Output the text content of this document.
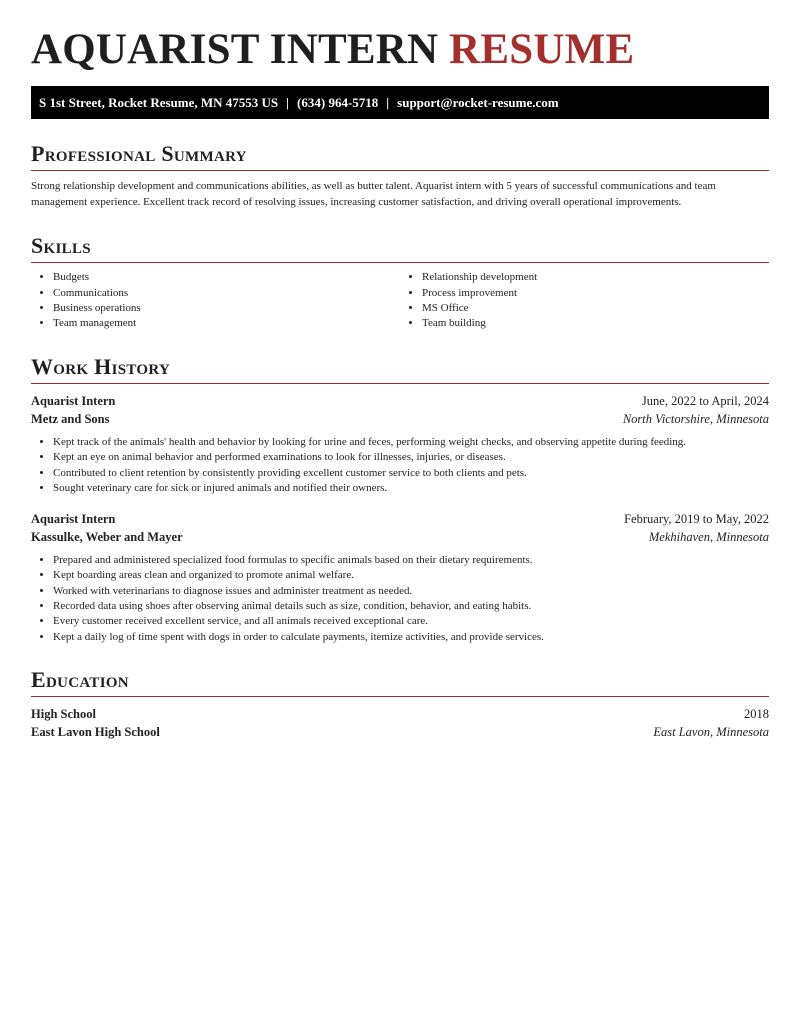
AQUARIST INTERN RESUME
S 1st Street, Rocket Resume, MN 47553 US | (634) 964-5718 | support@rocket-resume.com
Professional Summary

Strong relationship development and communications abilities, as well as butter talent. Aquarist intern with 5 years of successful communications and team management experience. Excellent track record of resolving issues, increasing customer satisfaction, and driving overall operational improvements.

Skills
• Budgets
• Communications
• Business operations
• Team management
• Relationship development
• Process improvement
• MS Office
• Team building
Work History
Aquarist Intern	June, 2022 to April, 2024
Metz and Sons	North Victorshire, Minnesota
• Kept track of the animals' health and behavior by looking for urine and feces, performing weight checks, and observing appetite during feeding.
• Kept an eye on animal behavior and performed examinations to look for illnesses, injuries, or diseases.
• Contributed to client retention by consistently providing excellent customer service to both clients and pets.
• Sought veterinary care for sick or injured animals and notified their owners.
Aquarist Intern	February, 2019 to May, 2022
Kassulke, Weber and Mayer	Mekhihaven, Minnesota
• Prepared and administered specialized food formulas to specific animals based on their dietary requirements.
• Kept boarding areas clean and organized to promote animal welfare.
• Worked with veterinarians to diagnose issues and administer treatment as needed.
• Recorded data using shoes after observing animal details such as size, condition, behavior, and eating habits.
• Every customer received excellent service, and all animals received exceptional care.
• Kept a daily log of time spent with dogs in order to calculate payments, itemize activities, and provide services.
Education
High School	2018
East Lavon High School	East Lavon, Minnesota
